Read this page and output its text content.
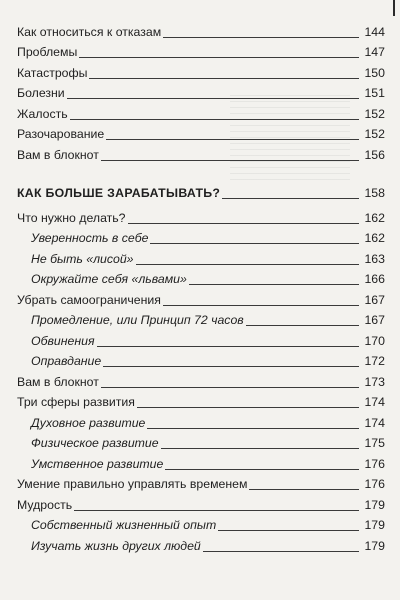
Как относиться к отказам	144
Проблемы	147
Катастрофы	150
Болезни	151
Жалость	152
Разочарование	152
Вам в блокнот	156
КАК БОЛЬШЕ ЗАРАБАТЫВАТЬ?	158
Что нужно делать?	162
Уверенность в себе	162
Не быть «лисой»	163
Окружайте себя «львами»	166
Убрать самоограничения	167
Промедление, или Принцип 72 часов	167
Обвинения	170
Оправдание	172
Вам в блокнот	173
Три сферы развития	174
Духовное развитие	174
Физическое развитие	175
Умственное развитие	176
Умение правильно управлять временем	176
Мудрость	179
Собственный жизненный опыт	179
Изучать жизнь других людей	179
